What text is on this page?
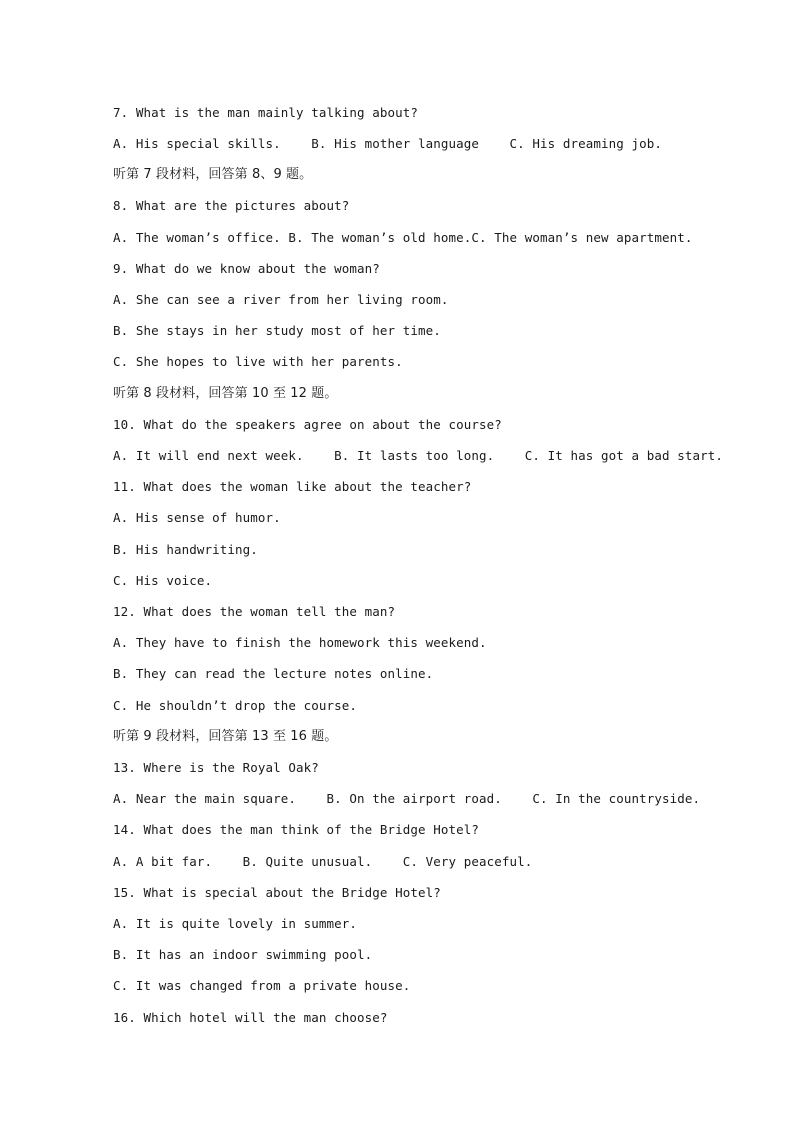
7. What is the man mainly talking about?
A. His special skills.    B. His mother language    C. His dreaming job.
听第 7 段材料，回答第 8、9 题。
8. What are the pictures about?
A. The woman’s office. B. The woman’s old home.C. The woman’s new apartment.
9. What do we know about the woman?
A. She can see a river from her living room.
B. She stays in her study most of her time.
C. She hopes to live with her parents.
听第 8 段材料，回答第 10 至 12 题。
10. What do the speakers agree on about the course?
A. It will end next week.    B. It lasts too long.    C. It has got a bad start.
11. What does the woman like about the teacher?
A. His sense of humor.
B. His handwriting.
C. His voice.
12. What does the woman tell the man?
A. They have to finish the homework this weekend.
B. They can read the lecture notes online.
C. He shouldn’t drop the course.
听第 9 段材料，回答第 13 至 16 题。
13. Where is the Royal Oak?
A. Near the main square.    B. On the airport road.    C. In the countryside.
14. What does the man think of the Bridge Hotel?
A. A bit far.    B. Quite unusual.    C. Very peaceful.
15. What is special about the Bridge Hotel?
A. It is quite lovely in summer.
B. It has an indoor swimming pool.
C. It was changed from a private house.
16. Which hotel will the man choose?
